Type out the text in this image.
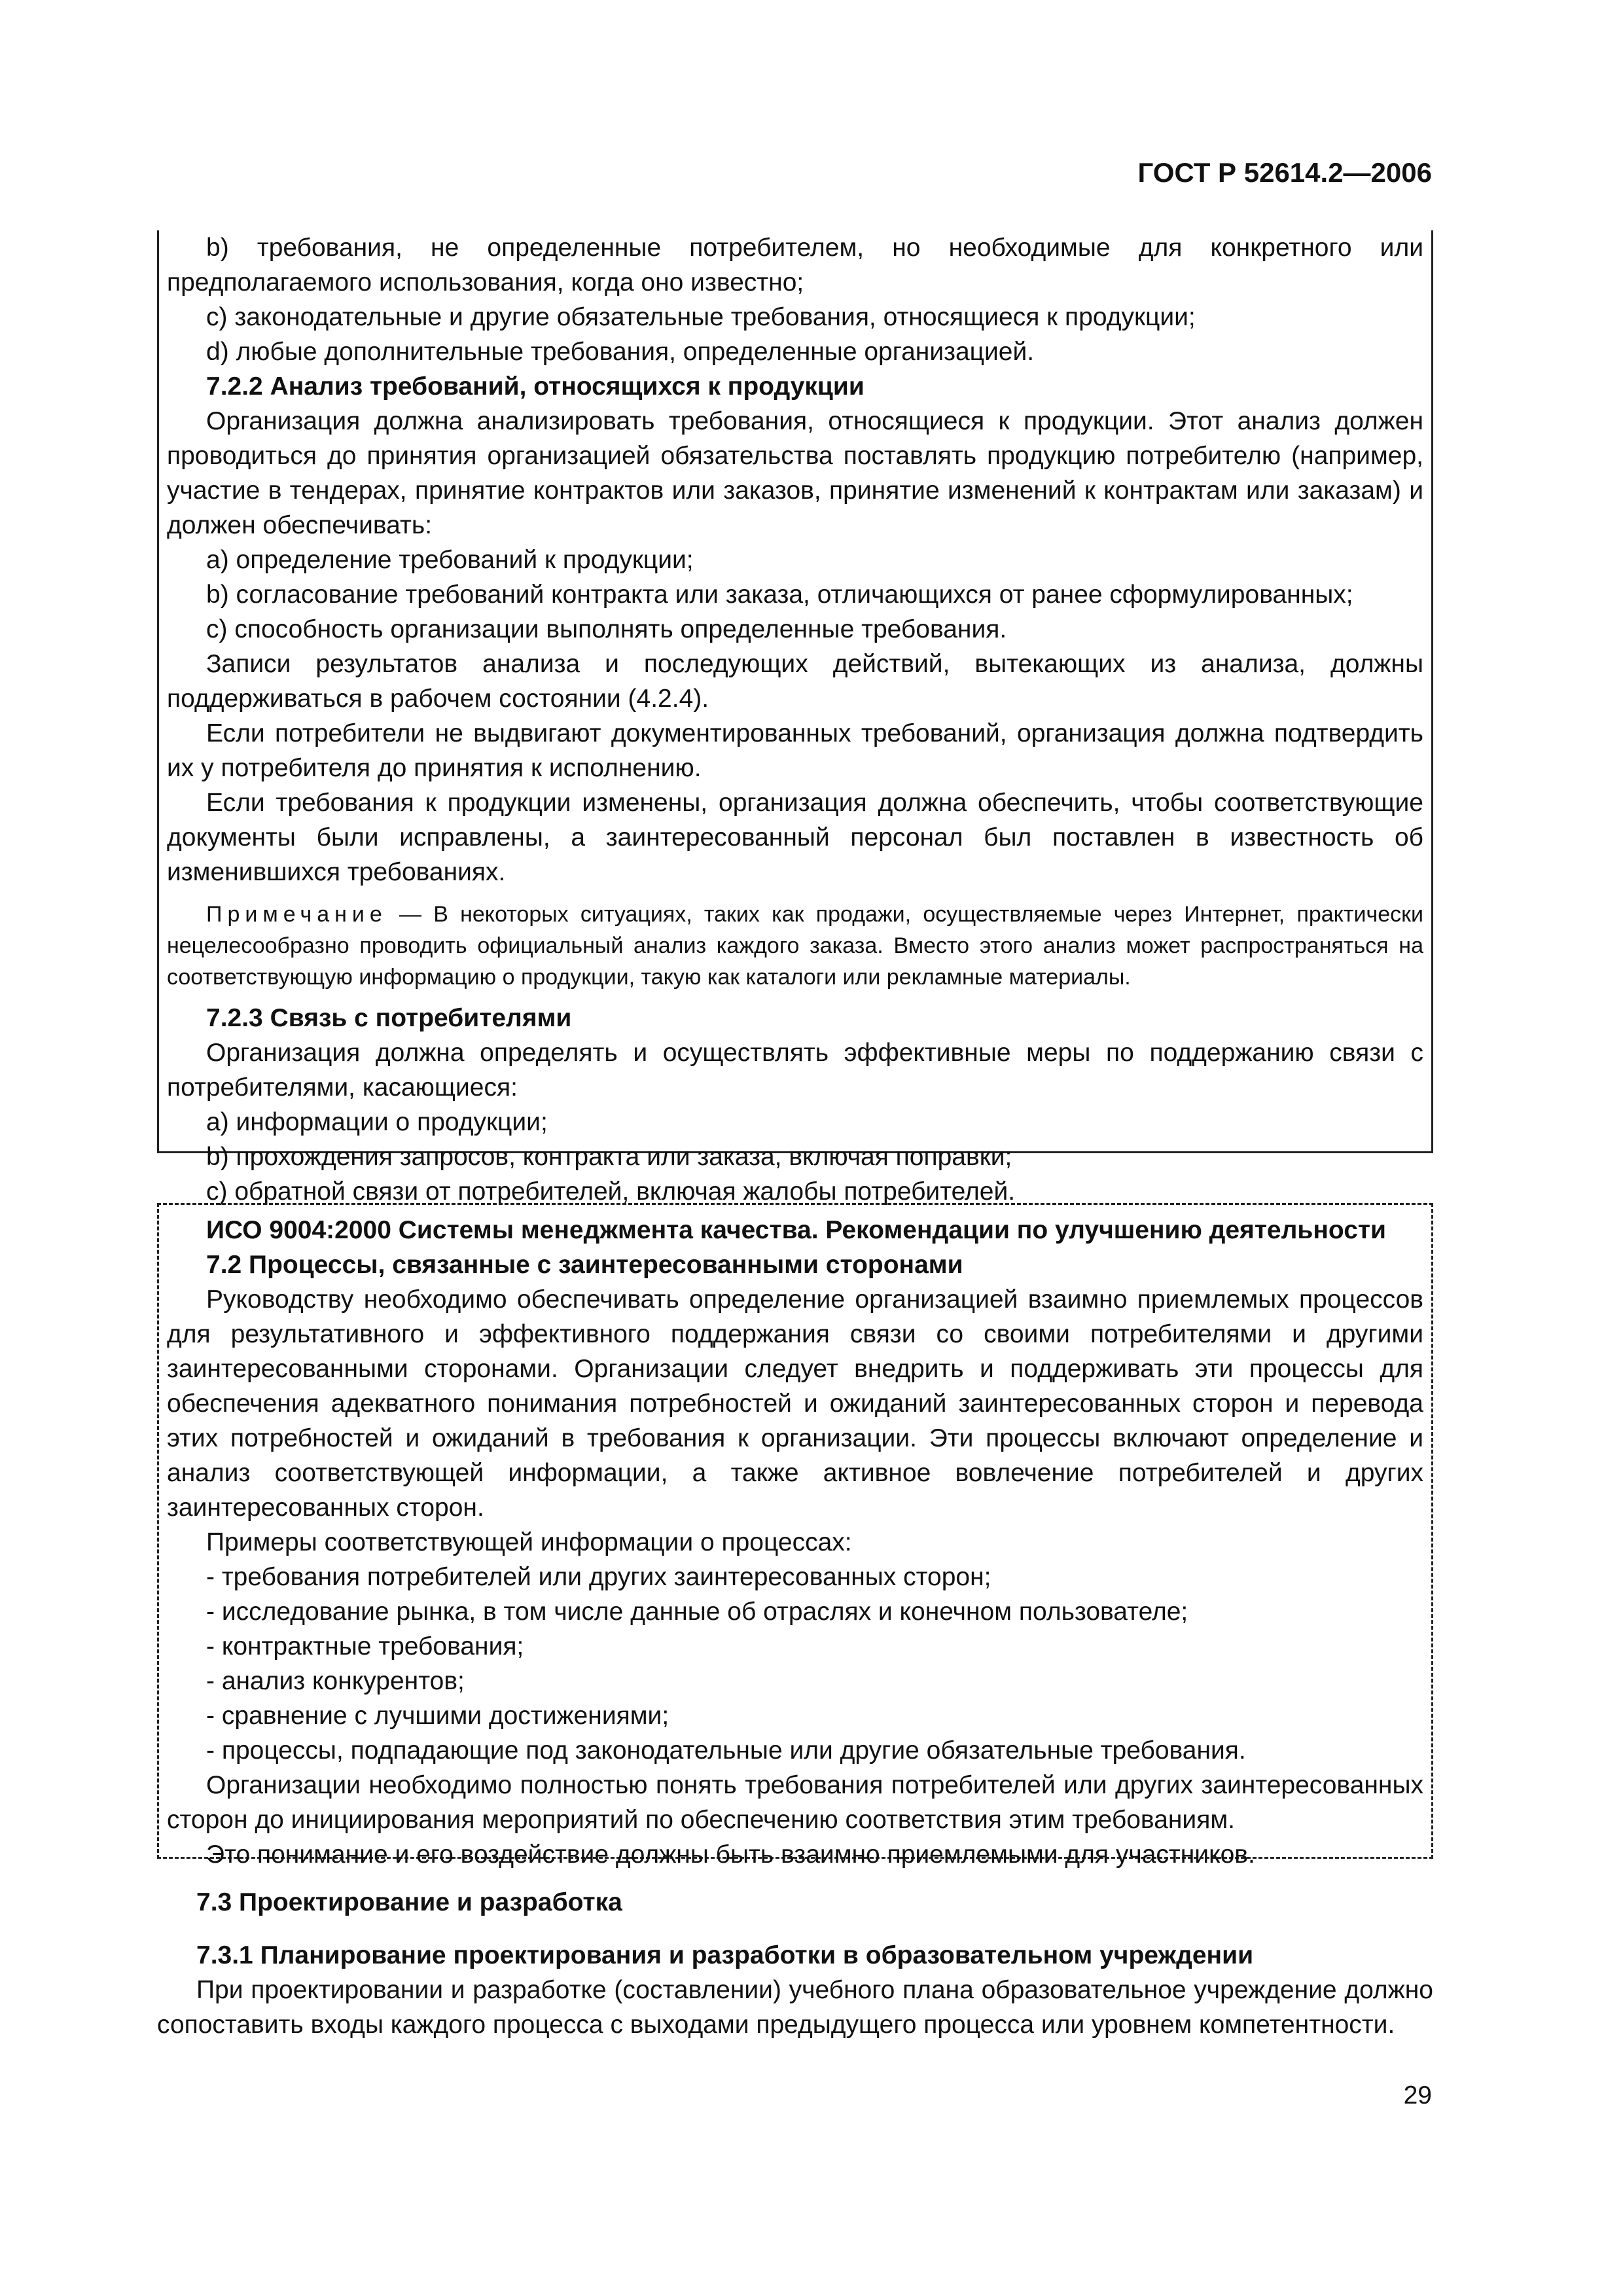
ГОСТ Р 52614.2—2006

b) требования, не определенные потребителем, но необходимые для конкретного или предполагаемого использования, когда оно известно;

c) законодательные и другие обязательные требования, относящиеся к продукции;

d) любые дополнительные требования, определенные организацией.

7.2.2 Анализ требований, относящихся к продукции

Организация должна анализировать требования, относящиеся к продукции. Этот анализ должен проводиться до принятия организацией обязательства поставлять продукцию потребителю (например, участие в тендерах, принятие контрактов или заказов, принятие изменений к контрактам или заказам) и должен обеспечивать:

a) определение требований к продукции;

b) согласование требований контракта или заказа, отличающихся от ранее сформулированных;

c) способность организации выполнять определенные требования.

Записи результатов анализа и последующих действий, вытекающих из анализа, должны поддерживаться в рабочем состоянии (4.2.4).

Если потребители не выдвигают документированных требований, организация должна подтвердить их у потребителя до принятия к исполнению.

Если требования к продукции изменены, организация должна обеспечить, чтобы соответствующие документы были исправлены, а заинтересованный персонал был поставлен в известность об изменившихся требованиях.

Примечание — В некоторых ситуациях, таких как продажи, осуществляемые через Интернет, практически нецелесообразно проводить официальный анализ каждого заказа. Вместо этого анализ может распространяться на соответствующую информацию о продукции, такую как каталоги или рекламные материалы.

7.2.3 Связь с потребителями

Организация должна определять и осуществлять эффективные меры по поддержанию связи с потребителями, касающиеся:

a) информации о продукции;

b) прохождения запросов, контракта или заказа, включая поправки;

c) обратной связи от потребителей, включая жалобы потребителей.

ИСО 9004:2000 Системы менеджмента качества. Рекомендации по улучшению деятельности

7.2 Процессы, связанные с заинтересованными сторонами

Руководству необходимо обеспечивать определение организацией взаимно приемлемых процессов для результативного и эффективного поддержания связи со своими потребителями и другими заинтересованными сторонами. Организации следует внедрить и поддерживать эти процессы для обеспечения адекватного понимания потребностей и ожиданий заинтересованных сторон и перевода этих потребностей и ожиданий в требования к организации. Эти процессы включают определение и анализ соответствующей информации, а также активное вовлечение потребителей и других заинтересованных сторон.

Примеры соответствующей информации о процессах:

- требования потребителей или других заинтересованных сторон;

- исследование рынка, в том числе данные об отраслях и конечном пользователе;

- контрактные требования;

- анализ конкурентов;

- сравнение с лучшими достижениями;

- процессы, подпадающие под законодательные или другие обязательные требования.

Организации необходимо полностью понять требования потребителей или других заинтересованных сторон до инициирования мероприятий по обеспечению соответствия этим требованиям.

Это понимание и его воздействие должны быть взаимно приемлемыми для участников.

7.3 Проектирование и разработка

7.3.1 Планирование проектирования и разработки в образовательном учреждении

При проектировании и разработке (составлении) учебного плана образовательное учреждение должно сопоставить входы каждого процесса с выходами предыдущего процесса или уровнем компетентности.

29
